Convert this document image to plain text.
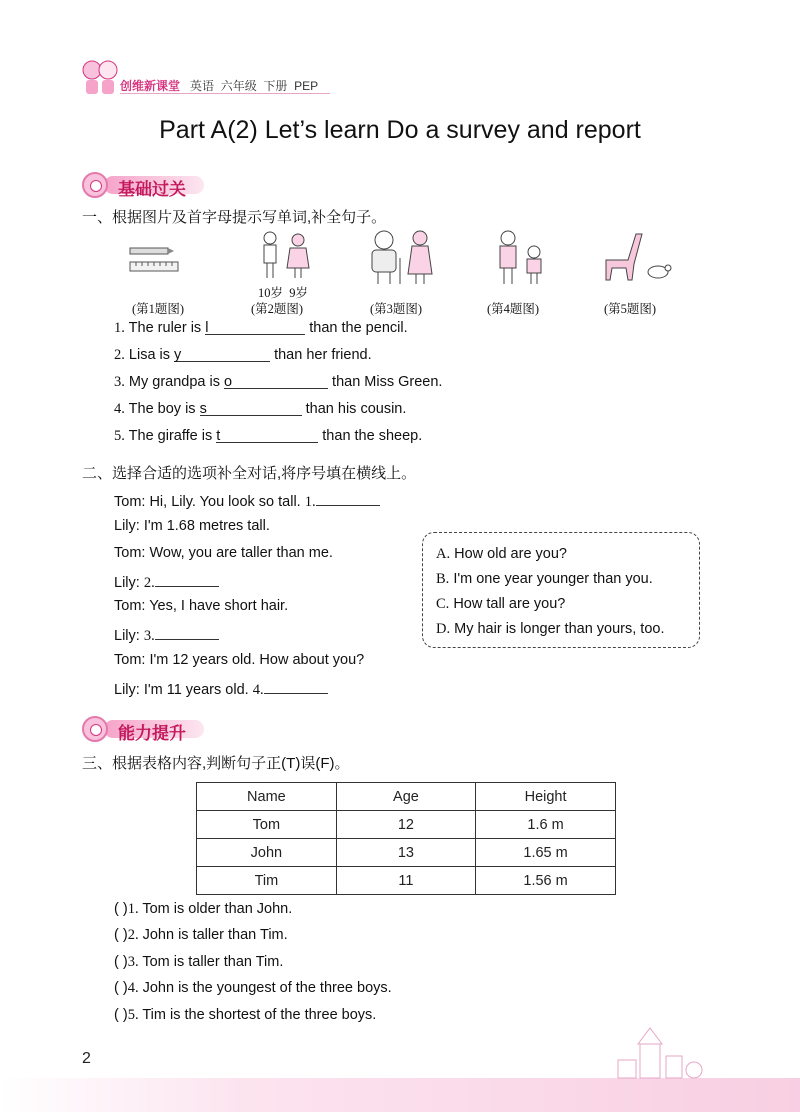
创维新课堂 英语 六年级 下册 PEP
Part A(2) Let’s learn Do a survey and report
基础过关
一、根据图片及首字母提示写单词,补全句子。
10岁 9岁
(第1题图)	(第2题图)	(第3题图)	(第4题图)	(第5题图)
1. The ruler is l	than the pencil.
2. Lisa is y	than her friend.
3. My grandpa is o	than Miss Green.
4. The boy is s	than his cousin.
5. The giraffe is t	than the sheep.
二、选择合适的选项补全对话,将序号填在横线上。
Tom: Hi, Lily. You look so tall. 1.
Lily: I'm 1.68 metres tall.
Tom: Wow, you are taller than me.
Lily: 2.
Tom: Yes, I have short hair.
Lily: 3.
Tom: I'm 12 years old. How about you?
Lily: I'm 11 years old. 4.
A. How old are you?
B. I'm one year younger than you.
C. How tall are you?
D. My hair is longer than yours, too.
能力提升
三、根据表格内容,判断句子正(T)误(F)。
Name	Age	Height
Tom	12	1.6 m
John	13	1.65 m
Tim	11	1.56 m
( )1. Tom is older than John.
( )2. John is taller than Tim.
( )3. Tom is taller than Tim.
( )4. John is the youngest of the three boys.
( )5. Tim is the shortest of the three boys.
2
